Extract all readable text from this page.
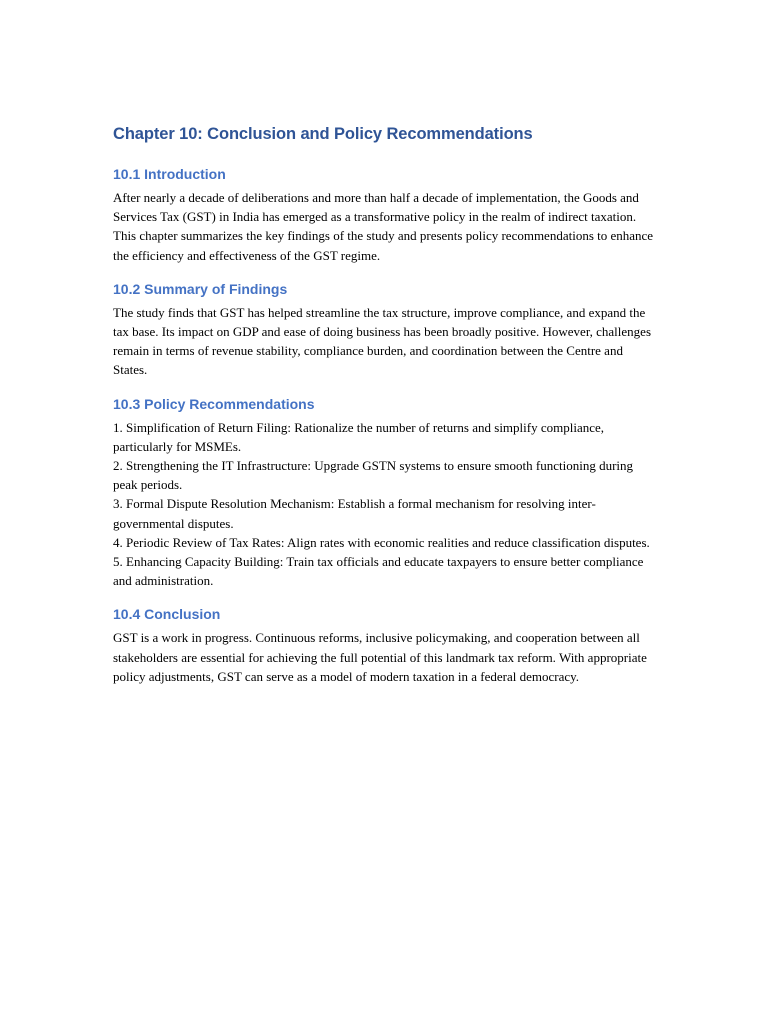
Chapter 10: Conclusion and Policy Recommendations
10.1 Introduction

After nearly a decade of deliberations and more than half a decade of implementation, the Goods and Services Tax (GST) in India has emerged as a transformative policy in the realm of indirect taxation. This chapter summarizes the key findings of the study and presents policy recommendations to enhance the efficiency and effectiveness of the GST regime.

10.2 Summary of Findings

The study finds that GST has helped streamline the tax structure, improve compliance, and expand the tax base. Its impact on GDP and ease of doing business has been broadly positive. However, challenges remain in terms of revenue stability, compliance burden, and coordination between the Centre and States.

10.3 Policy Recommendations
1. Simplification of Return Filing: Rationalize the number of returns and simplify compliance, particularly for MSMEs.
2. Strengthening the IT Infrastructure: Upgrade GSTN systems to ensure smooth functioning during peak periods.
3. Formal Dispute Resolution Mechanism: Establish a formal mechanism for resolving inter-governmental disputes.
4. Periodic Review of Tax Rates: Align rates with economic realities and reduce classification disputes.
5. Enhancing Capacity Building: Train tax officials and educate taxpayers to ensure better compliance and administration.
10.4 Conclusion

GST is a work in progress. Continuous reforms, inclusive policymaking, and cooperation between all stakeholders are essential for achieving the full potential of this landmark tax reform. With appropriate policy adjustments, GST can serve as a model of modern taxation in a federal democracy.
